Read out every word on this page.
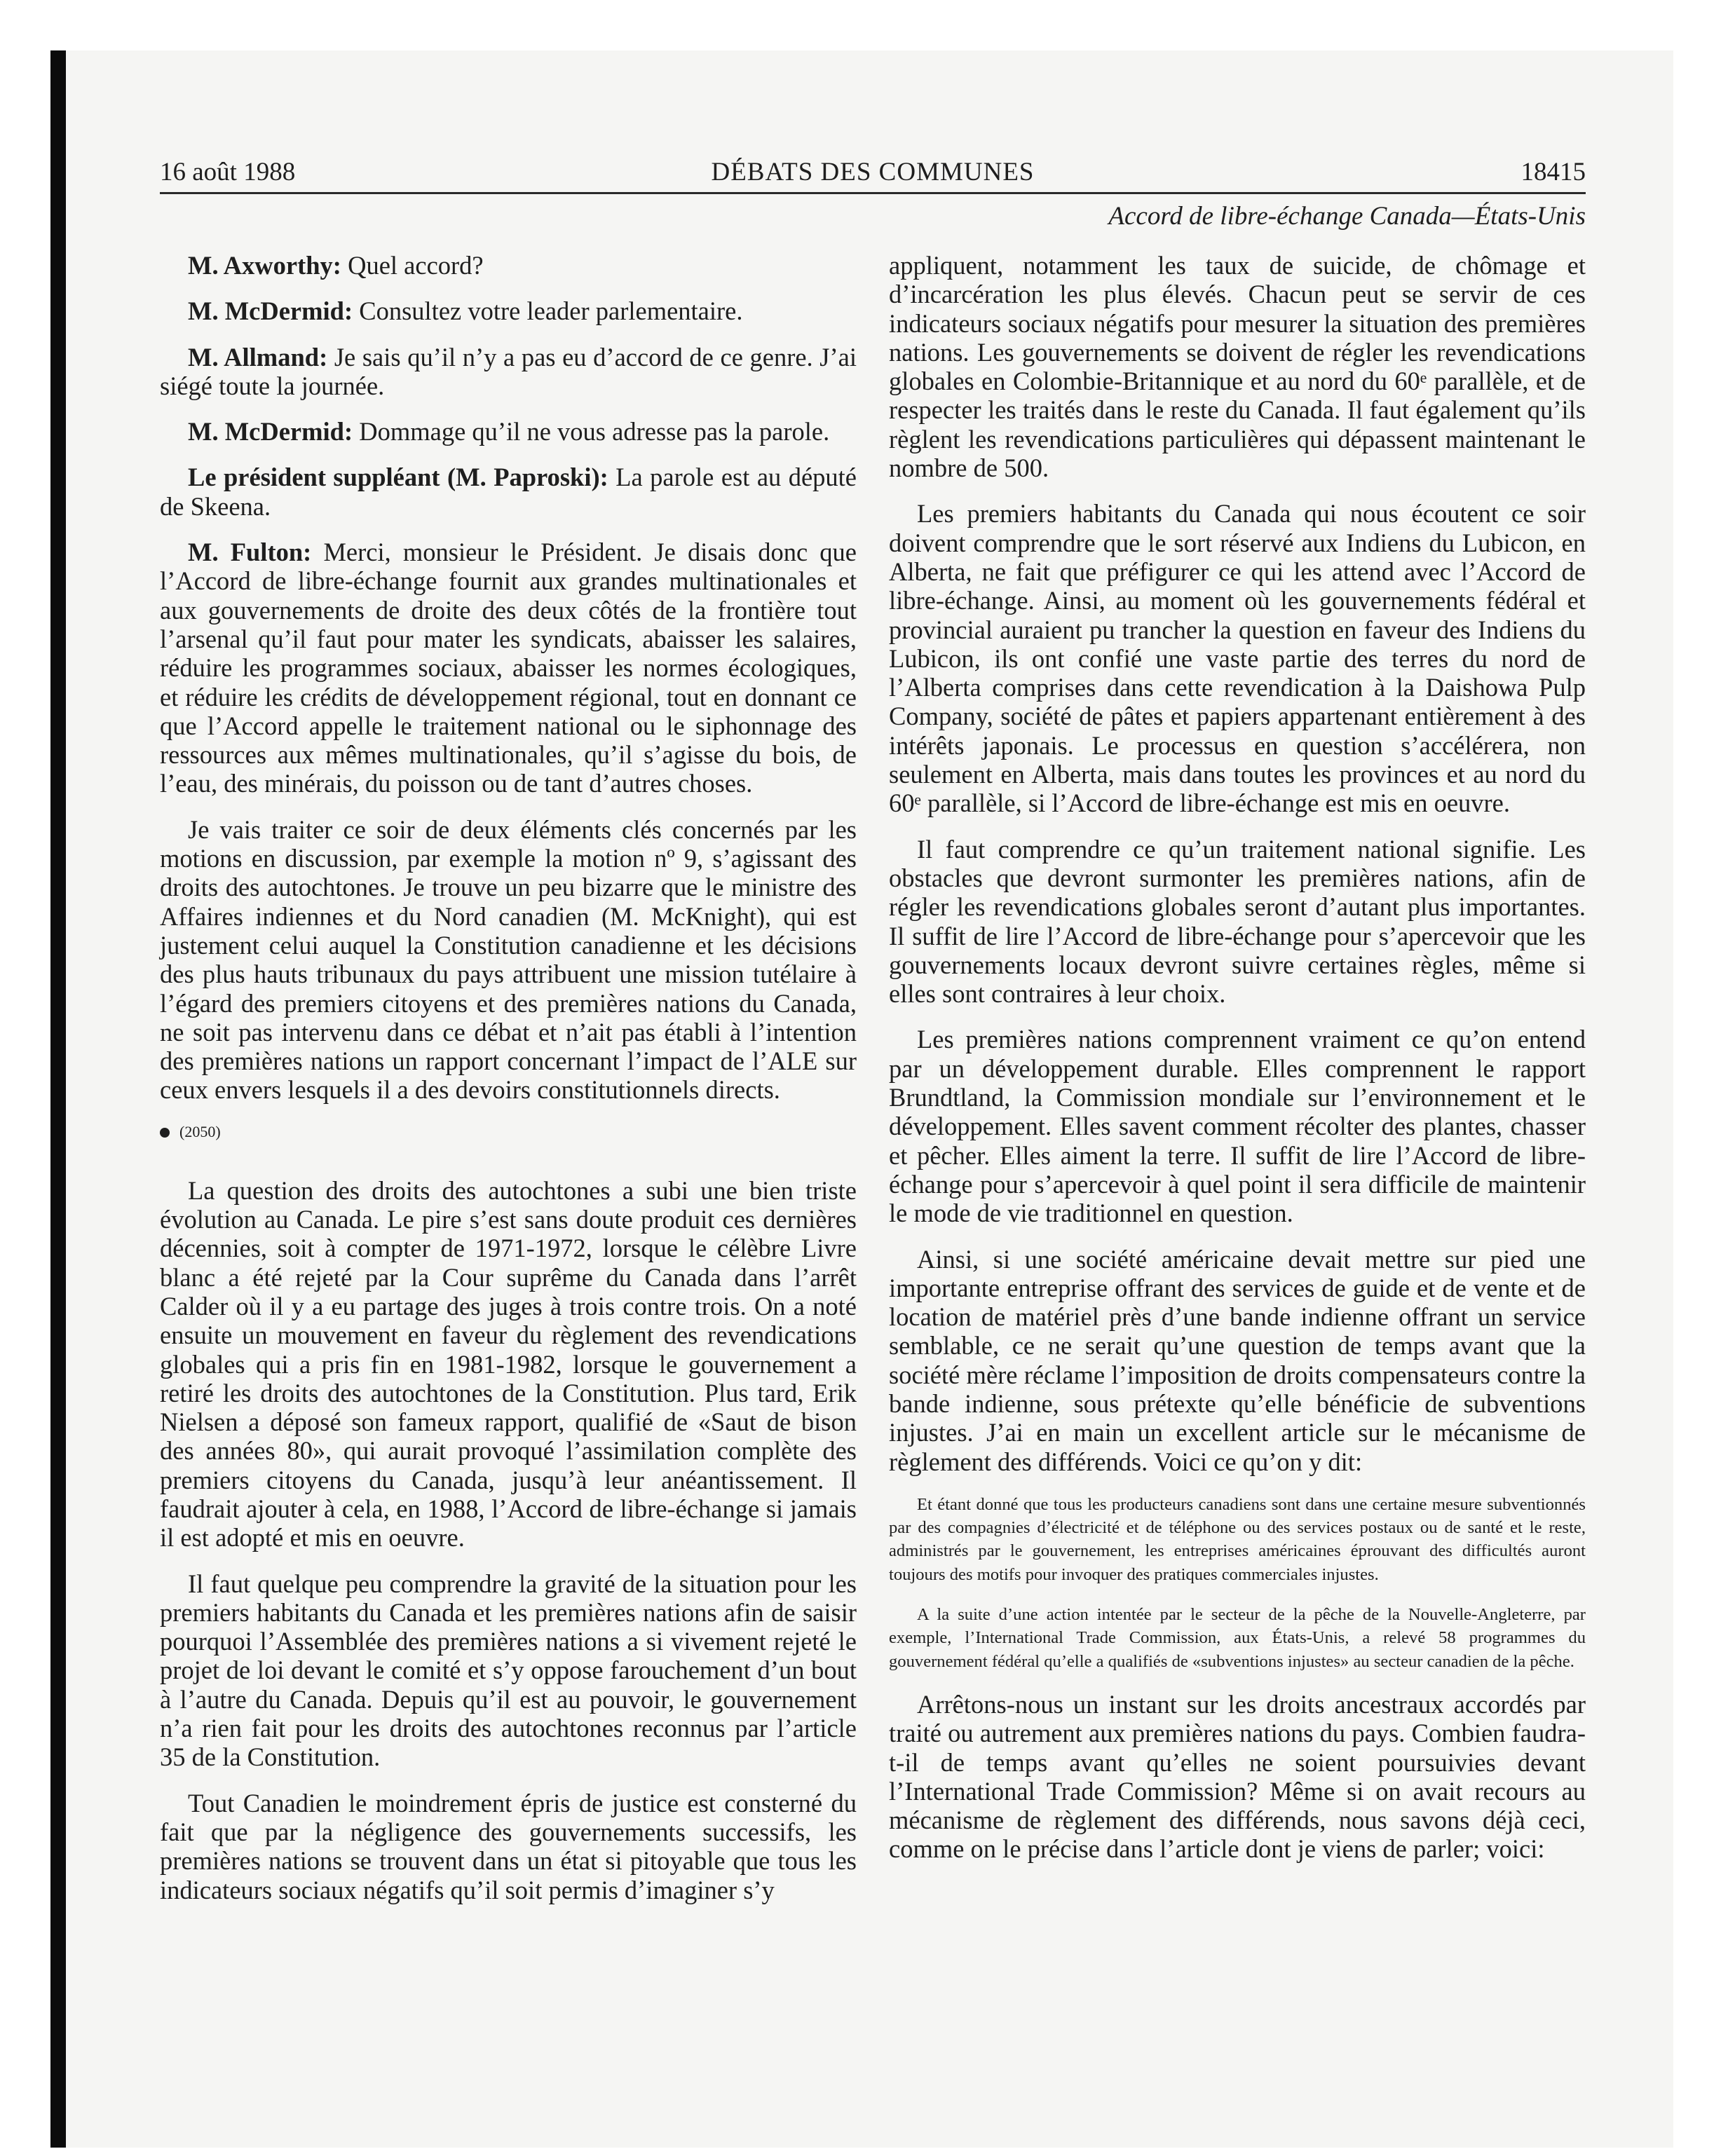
16 août 1988	DÉBATS DES COMMUNES	18415
Accord de libre-échange Canada—États-Unis

M. Axworthy: Quel accord?

M. McDermid: Consultez votre leader parlementaire.

M. Allmand: Je sais qu’il n’y a pas eu d’accord de ce genre. J’ai siégé toute la journée.

M. McDermid: Dommage qu’il ne vous adresse pas la parole.

Le président suppléant (M. Paproski): La parole est au député de Skeena.

M. Fulton: Merci, monsieur le Président. Je disais donc que l’Accord de libre-échange fournit aux grandes multinationales et aux gouvernements de droite des deux côtés de la frontière tout l’arsenal qu’il faut pour mater les syndicats, abaisser les salaires, réduire les programmes sociaux, abaisser les normes écologiques, et réduire les crédits de développement régional, tout en donnant ce que l’Accord appelle le traitement national ou le siphonnage des ressources aux mêmes multinationales, qu’il s’agisse du bois, de l’eau, des minérais, du poisson ou de tant d’autres choses.

Je vais traiter ce soir de deux éléments clés concernés par les motions en discussion, par exemple la motion nº 9, s’agissant des droits des autochtones. Je trouve un peu bizarre que le ministre des Affaires indiennes et du Nord canadien (M. McKnight), qui est justement celui auquel la Constitution canadienne et les décisions des plus hauts tribunaux du pays attribuent une mission tutélaire à l’égard des premiers citoyens et des premières nations du Canada, ne soit pas intervenu dans ce débat et n’ait pas établi à l’intention des premières nations un rapport concernant l’impact de l’ALE sur ceux envers lesquels il a des devoirs constitutionnels directs.

(2050)

La question des droits des autochtones a subi une bien triste évolution au Canada. Le pire s’est sans doute produit ces dernières décennies, soit à compter de 1971-1972, lorsque le célèbre Livre blanc a été rejeté par la Cour suprême du Canada dans l’arrêt Calder où il y a eu partage des juges à trois contre trois. On a noté ensuite un mouvement en faveur du règlement des revendications globales qui a pris fin en 1981-1982, lorsque le gouvernement a retiré les droits des autochtones de la Constitution. Plus tard, Erik Nielsen a déposé son fameux rapport, qualifié de «Saut de bison des années 80», qui aurait provoqué l’assimilation complète des premiers citoyens du Canada, jusqu’à leur anéantissement. Il faudrait ajouter à cela, en 1988, l’Accord de libre-échange si jamais il est adopté et mis en oeuvre.

Il faut quelque peu comprendre la gravité de la situation pour les premiers habitants du Canada et les premières nations afin de saisir pourquoi l’Assemblée des premières nations a si vivement rejeté le projet de loi devant le comité et s’y oppose farouchement d’un bout à l’autre du Canada. Depuis qu’il est au pouvoir, le gouvernement n’a rien fait pour les droits des autochtones reconnus par l’article 35 de la Constitution.

Tout Canadien le moindrement épris de justice est consterné du fait que par la négligence des gouvernements successifs, les premières nations se trouvent dans un état si pitoyable que tous les indicateurs sociaux négatifs qu’il soit permis d’imaginer s’y

appliquent, notamment les taux de suicide, de chômage et d’incarcération les plus élevés. Chacun peut se servir de ces indicateurs sociaux négatifs pour mesurer la situation des premières nations. Les gouvernements se doivent de régler les revendications globales en Colombie-Britannique et au nord du 60ᵉ parallèle, et de respecter les traités dans le reste du Canada. Il faut également qu’ils règlent les revendications particulières qui dépassent maintenant le nombre de 500.

Les premiers habitants du Canada qui nous écoutent ce soir doivent comprendre que le sort réservé aux Indiens du Lubicon, en Alberta, ne fait que préfigurer ce qui les attend avec l’Accord de libre-échange. Ainsi, au moment où les gouvernements fédéral et provincial auraient pu trancher la question en faveur des Indiens du Lubicon, ils ont confié une vaste partie des terres du nord de l’Alberta comprises dans cette revendication à la Daishowa Pulp Company, société de pâtes et papiers appartenant entièrement à des intérêts japonais. Le processus en question s’accélérera, non seulement en Alberta, mais dans toutes les provinces et au nord du 60ᵉ parallèle, si l’Accord de libre-échange est mis en oeuvre.

Il faut comprendre ce qu’un traitement national signifie. Les obstacles que devront surmonter les premières nations, afin de régler les revendications globales seront d’autant plus importantes. Il suffit de lire l’Accord de libre-échange pour s’apercevoir que les gouvernements locaux devront suivre certaines règles, même si elles sont contraires à leur choix.

Les premières nations comprennent vraiment ce qu’on entend par un développement durable. Elles comprennent le rapport Brundtland, la Commission mondiale sur l’environnement et le développement. Elles savent comment récolter des plantes, chasser et pêcher. Elles aiment la terre. Il suffit de lire l’Accord de libre-échange pour s’apercevoir à quel point il sera difficile de maintenir le mode de vie traditionnel en question.

Ainsi, si une société américaine devait mettre sur pied une importante entreprise offrant des services de guide et de vente et de location de matériel près d’une bande indienne offrant un service semblable, ce ne serait qu’une question de temps avant que la société mère réclame l’imposition de droits compensateurs contre la bande indienne, sous prétexte qu’elle bénéficie de subventions injustes. J’ai en main un excellent article sur le mécanisme de règlement des différends. Voici ce qu’on y dit:

Et étant donné que tous les producteurs canadiens sont dans une certaine mesure subventionnés par des compagnies d’électricité et de téléphone ou des services postaux ou de santé et le reste, administrés par le gouvernement, les entreprises américaines éprouvant des difficultés auront toujours des motifs pour invoquer des pratiques commerciales injustes.

A la suite d’une action intentée par le secteur de la pêche de la Nouvelle-Angleterre, par exemple, l’International Trade Commission, aux États-Unis, a relevé 58 programmes du gouvernement fédéral qu’elle a qualifiés de «subventions injustes» au secteur canadien de la pêche.

Arrêtons-nous un instant sur les droits ancestraux accordés par traité ou autrement aux premières nations du pays. Combien faudra-t-il de temps avant qu’elles ne soient poursuivies devant l’International Trade Commission? Même si on avait recours au mécanisme de règlement des différends, nous savons déjà ceci, comme on le précise dans l’article dont je viens de parler; voici:
